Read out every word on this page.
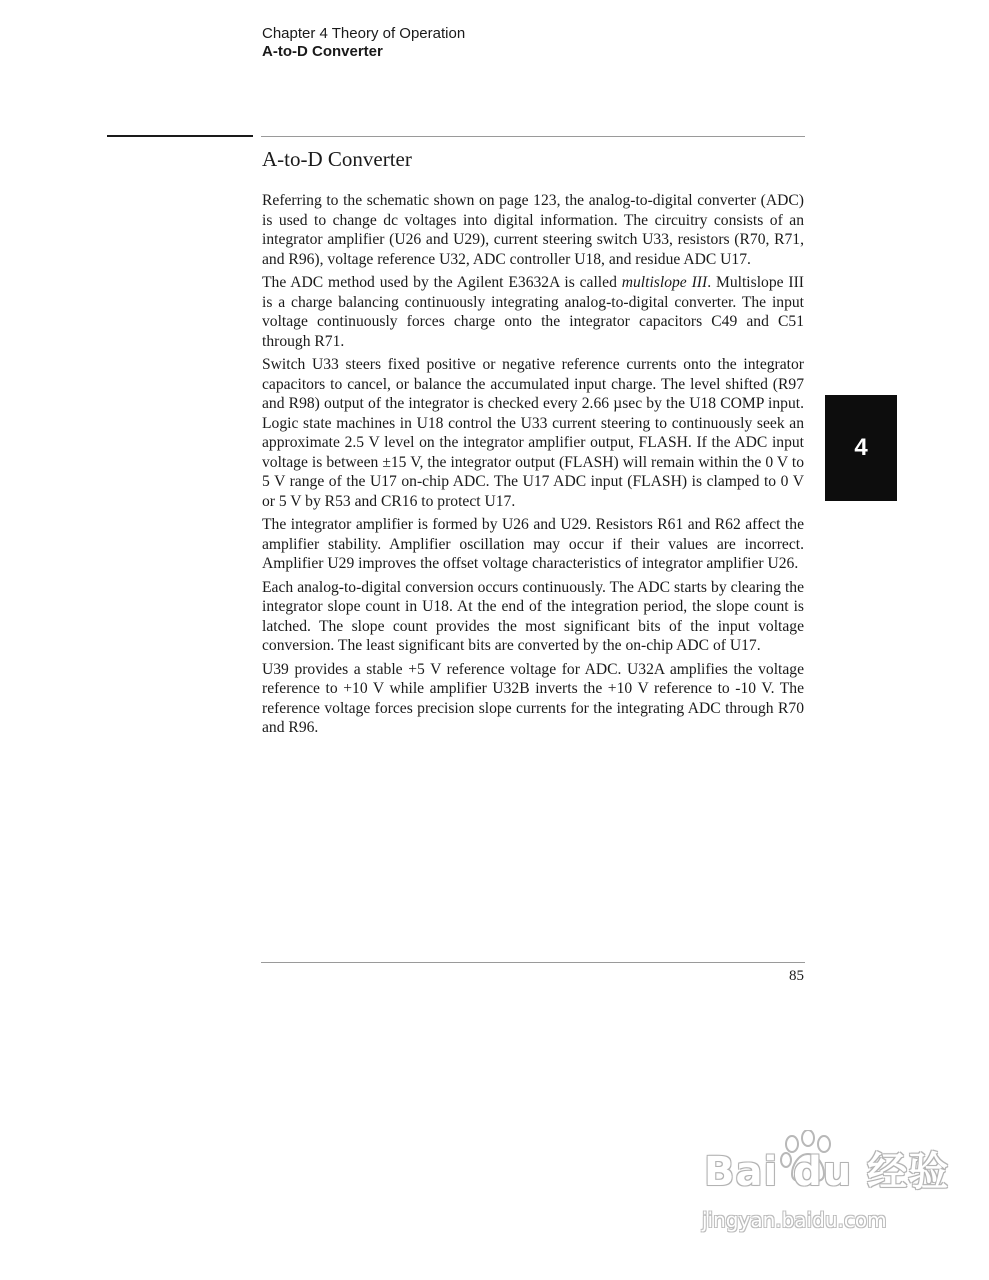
Chapter 4 Theory of Operation
A-to-D Converter
A-to-D Converter

Referring to the schematic shown on page 123, the analog-to-digital converter (ADC) is used to change dc voltages into digital information. The circuitry consists of an integrator amplifier (U26 and U29), current steering switch U33, resistors (R70, R71, and R96), voltage reference U32, ADC controller U18, and residue ADC U17.

The ADC method used by the Agilent E3632A is called multislope III. Multislope III is a charge balancing continuously integrating analog-to-digital converter. The input voltage continuously forces charge onto the integrator capacitors C49 and C51 through R71.

Switch U33 steers fixed positive or negative reference currents onto the integrator capacitors to cancel, or balance the accumulated input charge. The level shifted (R97 and R98) output of the integrator is checked every 2.66 µsec by the U18 COMP input. Logic state machines in U18 control the U33 current steering to continuously seek an approximate 2.5 V level on the integrator amplifier output, FLASH. If the ADC input voltage is between ±15 V, the integrator output (FLASH) will remain within the 0 V to 5 V range of the U17 on-chip ADC. The U17 ADC input (FLASH) is clamped to 0 V or 5 V by R53 and CR16 to protect U17.

The integrator amplifier is formed by U26 and U29. Resistors R61 and R62 affect the amplifier stability. Amplifier oscillation may occur if their values are incorrect. Amplifier U29 improves the offset voltage characteristics of integrator amplifier U26.

Each analog-to-digital conversion occurs continuously. The ADC starts by clearing the integrator slope count in U18. At the end of the integration period, the slope count is latched. The slope count provides the most significant bits of the input voltage conversion. The least significant bits are converted by the on-chip ADC of U17.

U39 provides a stable +5 V reference voltage for ADC. U32A amplifies the voltage reference to +10 V while amplifier U32B inverts the +10 V reference to -10 V. The reference voltage forces precision slope currents for the integrating ADC through R70 and R96.

4
85
Bai du 经验
jingyan.baidu.com
